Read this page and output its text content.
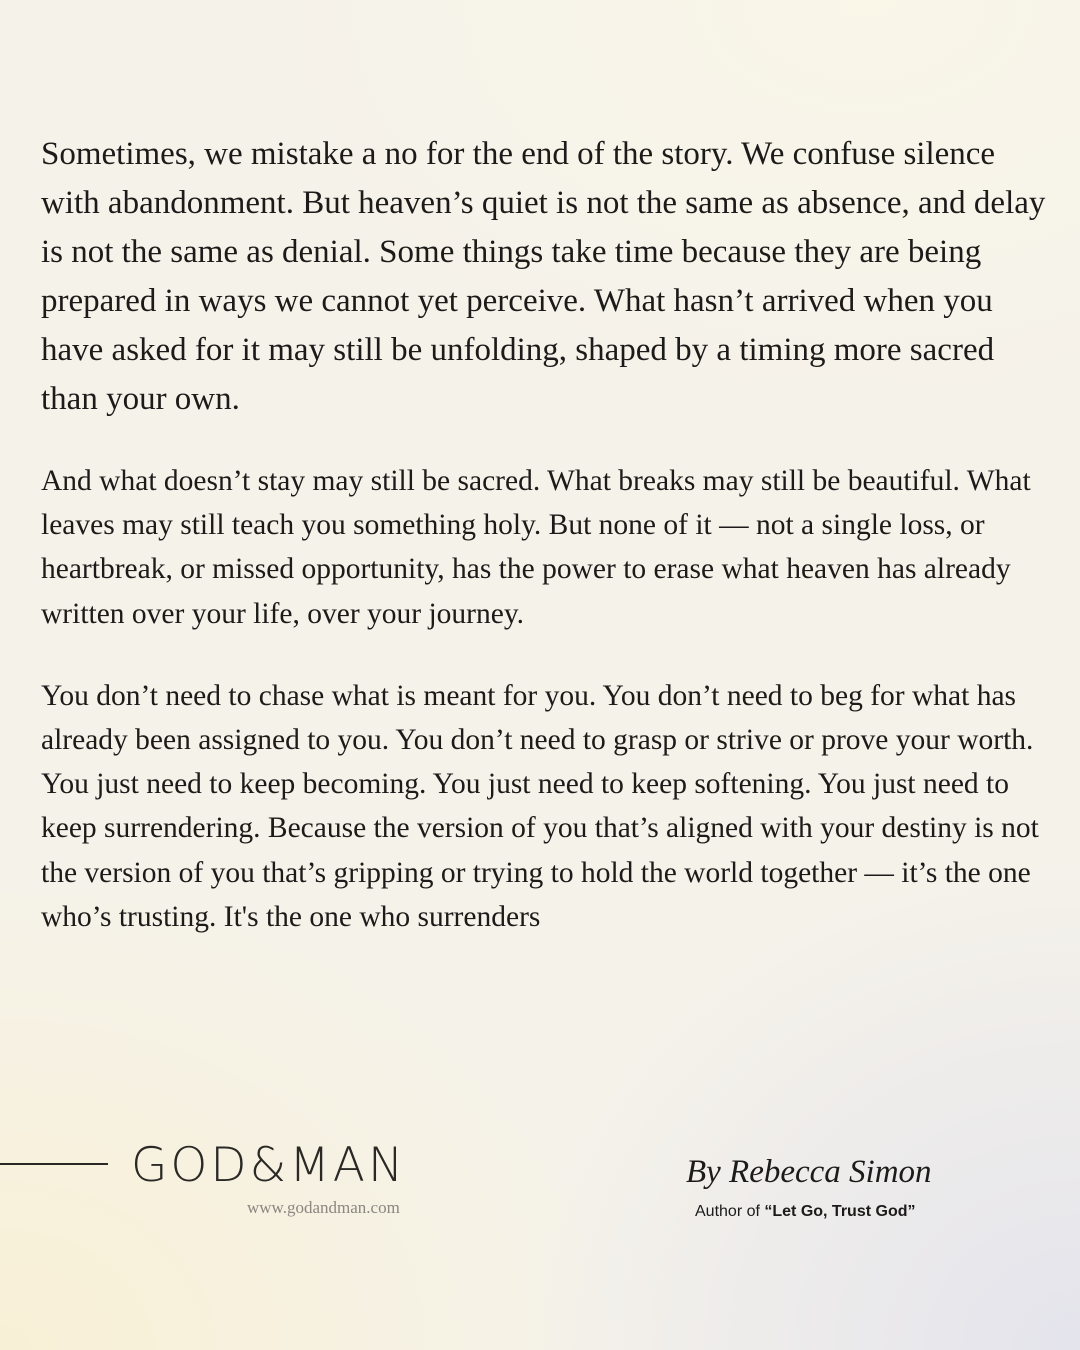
Sometimes, we mistake a no for the end of the story. We confuse silence with abandonment. But heaven’s quiet is not the same as absence, and delay is not the same as denial. Some things take time because they are being prepared in ways we cannot yet perceive. What hasn’t arrived when you have asked for it may still be unfolding, shaped by a timing more sacred than your own.

And what doesn’t stay may still be sacred. What breaks may still be beautiful. What leaves may still teach you something holy. But none of it — not a single loss, or heartbreak, or missed opportunity, has the power to erase what heaven has already written over your life, over your journey.

You don’t need to chase what is meant for you. You don’t need to beg for what has already been assigned to you. You don’t need to grasp or strive or prove your worth. You just need to keep becoming. You just need to keep softening. You just need to keep surrendering. Because the version of you that’s aligned with your destiny is not the version of you that’s gripping or trying to hold the world together — it’s the one who’s trusting. It's the one who surrenders

GOD&MAN
www.godandman.com
By Rebecca Simon
Author of “Let Go, Trust God”
